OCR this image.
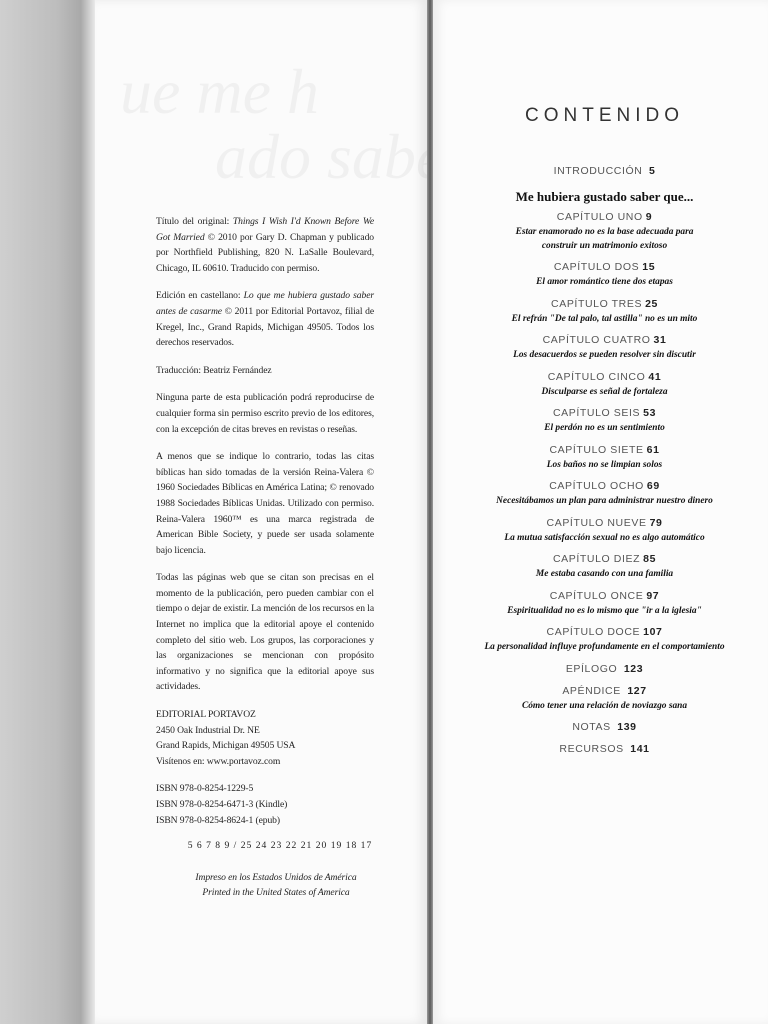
Título del original: Things I Wish I'd Known Before We Got Married © 2010 por Gary D. Chapman y publicado por Northfield Publishing, 820 N. LaSalle Boulevard, Chicago, IL 60610. Traducido con permiso.

Edición en castellano: Lo que me hubiera gustado saber antes de casarme © 2011 por Editorial Portavoz, filial de Kregel, Inc., Grand Rapids, Michigan 49505. Todos los derechos reservados.

Traducción: Beatriz Fernández

Ninguna parte de esta publicación podrá reproducirse de cualquier forma sin permiso escrito previo de los editores, con la excepción de citas breves en revistas o reseñas.

A menos que se indique lo contrario, todas las citas bíblicas han sido tomadas de la versión Reina-Valera © 1960 Sociedades Bíblicas en América Latina; © renovado 1988 Sociedades Bíblicas Unidas. Utilizado con permiso. Reina-Valera 1960™ es una marca registrada de American Bible Society, y puede ser usada solamente bajo licencia.

Todas las páginas web que se citan son precisas en el momento de la publicación, pero pueden cambiar con el tiempo o dejar de existir. La mención de los recursos en la Internet no implica que la editorial apoye el contenido completo del sitio web. Los grupos, las corporaciones y las organizaciones se mencionan con propósito informativo y no significa que la editorial apoye sus actividades.

EDITORIAL PORTAVOZ

2450 Oak Industrial Dr. NE

Grand Rapids, Michigan 49505 USA

Visítenos en: www.portavoz.com

ISBN 978-0-8254-1229-5
ISBN 978-0-8254-6471-3 (Kindle)
ISBN 978-0-8254-8624-1 (epub)
5 6 7 8 9 / 25 24 23 22 21 20 19 18 17
Impreso en los Estados Unidos de América
Printed in the United States of America
CONTENIDO
INTRODUCCIÓN 5
Me hubiera gustado saber que...
CAPÍTULO UNO 9
Estar enamorado no es la base adecuada para
construir un matrimonio exitoso
CAPÍTULO DOS 15
El amor romántico tiene dos etapas
CAPÍTULO TRES 25
El refrán "De tal palo, tal astilla" no es un mito
CAPÍTULO CUATRO 31
Los desacuerdos se pueden resolver sin discutir
CAPÍTULO CINCO 41
Disculparse es señal de fortaleza
CAPÍTULO SEIS 53
El perdón no es un sentimiento
CAPÍTULO SIETE 61
Los baños no se limpian solos
CAPÍTULO OCHO 69
Necesitábamos un plan para administrar nuestro dinero
CAPÍTULO NUEVE 79
La mutua satisfacción sexual no es algo automático
CAPÍTULO DIEZ 85
Me estaba casando con una familia
CAPÍTULO ONCE 97
Espiritualidad no es lo mismo que "ir a la iglesia"
CAPÍTULO DOCE 107
La personalidad influye profundamente en el comportamiento
EPÍLOGO 123
APÉNDICE 127
Cómo tener una relación de noviazgo sana
NOTAS 139
RECURSOS 141
